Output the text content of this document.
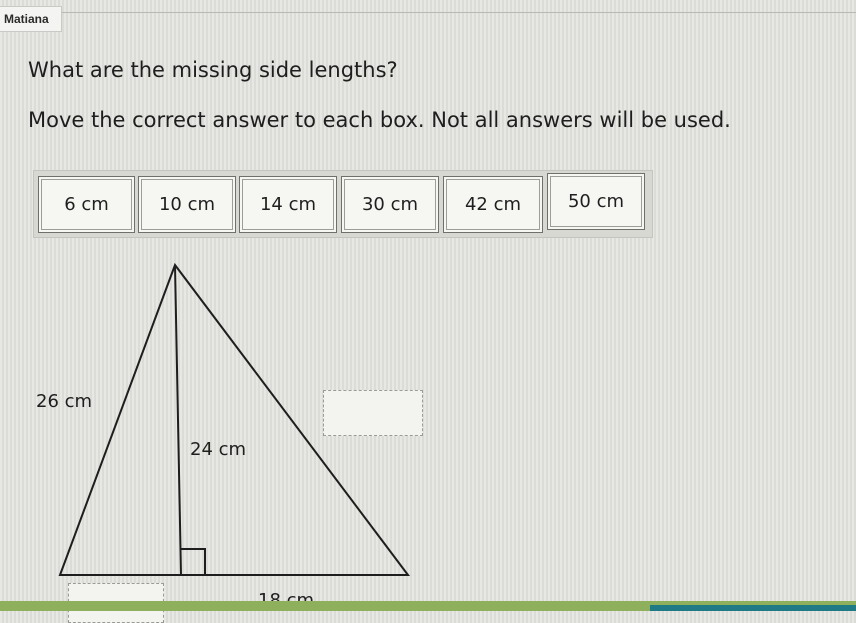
Matiana
What are the missing side lengths?
Move the correct answer to each box. Not all answers will be used.
6 cm	10 cm	14 cm	30 cm	42 cm	50 cm
26 cm
24 cm
